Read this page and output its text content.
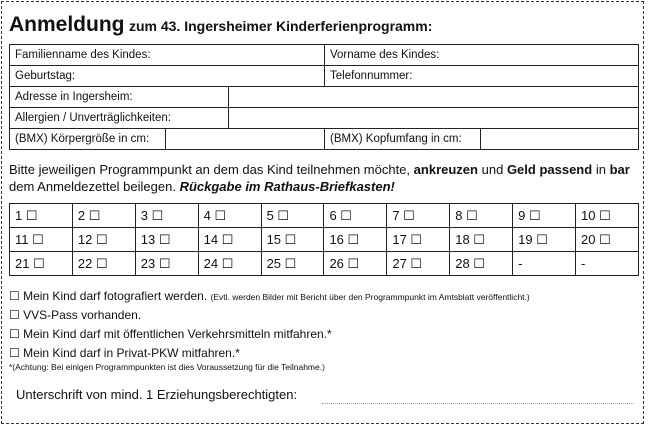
Anmeldung zum 43. Ingersheimer Kinderferienprogramm:
Familienname des Kindes:	Vorname des Kindes:
Geburtstag:	Telefonnummer:

Adresse in Ingersheim:	

Allergien / Unverträglichkeiten:	

(BMX) Körpergröße in cm:	(BMX) Kopfumfang in cm:
Bitte jeweiligen Programmpunkt an dem das Kind teilnehmen möchte, ankreuzen und Geld passend in bar dem Anmeldezettel beilegen. Rückgabe im Rathaus-Briefkasten!
1 ☐	2 ☐	3 ☐	4 ☐	5 ☐	6 ☐	7 ☐	8 ☐	9 ☐	10 ☐
11 ☐	12 ☐	13 ☐	14 ☐	15 ☐	16 ☐	17 ☐	18 ☐	19 ☐	20 ☐
21 ☐	22 ☐	23 ☐	24 ☐	25 ☐	26 ☐	27 ☐	28 ☐	-	-
☐ Mein Kind darf fotografiert werden. (Evtl. werden Bilder mit Bericht über den Programmpunkt im Amtsblatt veröffentlicht.)
☐ VVS-Pass vorhanden.
☐ Mein Kind darf mit öffentlichen Verkehrsmitteln mitfahren.*
☐ Mein Kind darf in Privat-PKW mitfahren.*
*(Achtung: Bei einigen Programmpunkten ist dies Voraussetzung für die Teilnahme.)
Unterschrift von mind. 1 Erziehungsberechtigten:
